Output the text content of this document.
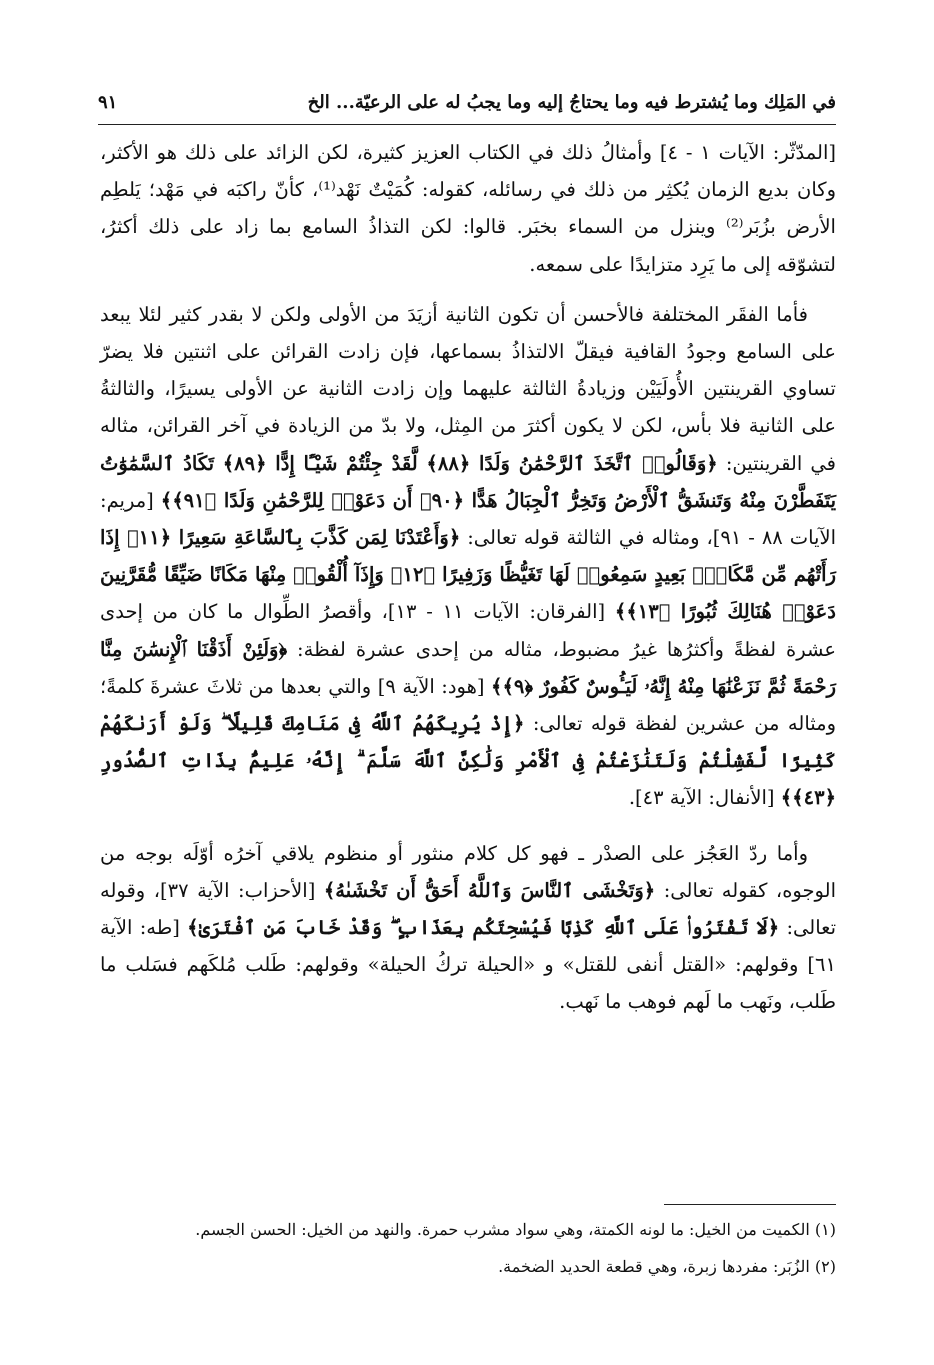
في المَلِك وما يُشترط فيه وما يحتاجُ إليه وما يجبُ له على الرعيّة... الخ
٩١

[المدّثّر: الآيات ١ - ٤] وأمثالُ ذلك في الكتاب العزيز كثيرة، لكن الزائد على ذلك هو الأكثر، وكان بديع الزمان يُكثِر من ذلك في رسائله، كقوله: كُمَيْتٌ نَهْد⁽¹⁾، كأنّ راكبَه في مَهْد؛ يَلطِم الأرض بزُبَر⁽²⁾ وينزل من السماء بخبَر. قالوا: لكن التذاذُ السامع بما زاد على ذلك أكثرُ، لتشوّقه إلى ما يَرِد متزايدًا على سمعه.

فأما الفقَر المختلفة فالأحسن أن تكون الثانية أزيَدَ من الأولى ولكن لا بقدر كثير لئلا يبعد على السامع وجودُ القافية فيقلّ الالتذاذُ بسماعها، فإن زادت القرائن على اثنتين فلا يضرّ تساوي القرينتين الأُولَيَيْن وزيادةُ الثالثة عليهما وإن زادت الثانية عن الأولى يسيرًا، والثالثةُ على الثانية فلا بأس، لكن لا يكون أكثرَ من المِثل، ولا بدّ من الزيادة في آخر القرائن، مثاله في القرينتين: ﴿وَقَالُوا۟ ٱتَّخَذَ ٱلرَّحْمَٰنُ وَلَدًا ﴿٨٨﴾ لَّقَدْ جِئْتُمْ شَيْـًٔا إِدًّا ﴿٨٩﴾ تَكَادُ ٱلسَّمَٰوَٰتُ يَتَفَطَّرْنَ مِنْهُ وَتَنشَقُّ ٱلْأَرْضُ وَتَخِرُّ ٱلْجِبَالُ هَدًّا ﴿٩٠﴾ أَن دَعَوْا۟ لِلرَّحْمَٰنِ وَلَدًا ﴿٩١﴾﴾ [مريم: الآيات ٨٨ - ٩١]، ومثاله في الثالثة قوله تعالى: ﴿وَأَعْتَدْنَا لِمَن كَذَّبَ بِٱلسَّاعَةِ سَعِيرًا ﴿١١﴾ إِذَا رَأَتْهُم مِّن مَّكَانٍۭ بَعِيدٍ سَمِعُوا۟ لَهَا تَغَيُّظًا وَزَفِيرًا ﴿١٢﴾ وَإِذَآ أُلْقُوا۟ مِنْهَا مَكَانًا ضَيِّقًا مُّقَرَّنِينَ دَعَوْا۟ هُنَالِكَ ثُبُورًا ﴿١٣﴾﴾ [الفرقان: الآيات ١١ - ١٣]، وأقصرُ الطِّوال ما كان من إحدى عشرة لفظةً وأكثرُها غيرُ مضبوط، مثاله من إحدى عشرة لفظة: ﴿وَلَئِنْ أَذَقْنَا ٱلْإِنسَٰنَ مِنَّا رَحْمَةً ثُمَّ نَزَعْنَٰهَا مِنْهُ إِنَّهُۥ لَيَـُٔوسٌ كَفُورٌ ﴿٩﴾﴾ [هود: الآية ٩] والتي بعدها من ثلاثَ عشرةَ كلمةً؛ ومثاله من عشرين لفظة قوله تعالى: ﴿إِذْ يُرِيكَهُمُ ٱللَّهُ فِى مَنَامِكَ قَلِيلًا ۖ وَلَوْ أَرَىٰكَهُمْ كَثِيرًا لَّفَشِلْتُمْ وَلَتَنَٰزَعْتُمْ فِى ٱلْأَمْرِ وَلَٰكِنَّ ٱللَّهَ سَلَّمَ ۗ إِنَّهُۥ عَلِيمٌۢ بِذَاتِ ٱلصُّدُورِ ﴿٤٣﴾﴾ [الأنفال: الآية ٤٣].

وأما ردّ العَجُز على الصدْر ـ فهو كل كلام منثور أو منظوم يلاقي آخرُه أوّلَه بوجه من الوجوه، كقوله تعالى: ﴿وَتَخْشَى ٱلنَّاسَ وَٱللَّهُ أَحَقُّ أَن تَخْشَىٰهُ﴾ [الأحزاب: الآية ٣٧]، وقوله تعالى: ﴿لَا تَفْتَرُوا۟ عَلَى ٱللَّهِ كَذِبًا فَيُسْحِتَكُم بِعَذَابٍ ۖ وَقَدْ خَابَ مَنِ ٱفْتَرَىٰ﴾ [طه: الآية ٦١] وقولهم: «القتل أنفى للقتل» و «الحيلة تركُ الحيلة» وقولهم: طَلب مُلكَهم فسَلب ما طَلب، ونَهب ما لَهم فوهب ما نَهب.

(١) الكميت من الخيل: ما لونه الكمتة، وهي سواد مشرب حمرة. والنهد من الخيل: الحسن الجسم.

(٢) الزُبَر: مفردها زبرة، وهي قطعة الحديد الضخمة.
